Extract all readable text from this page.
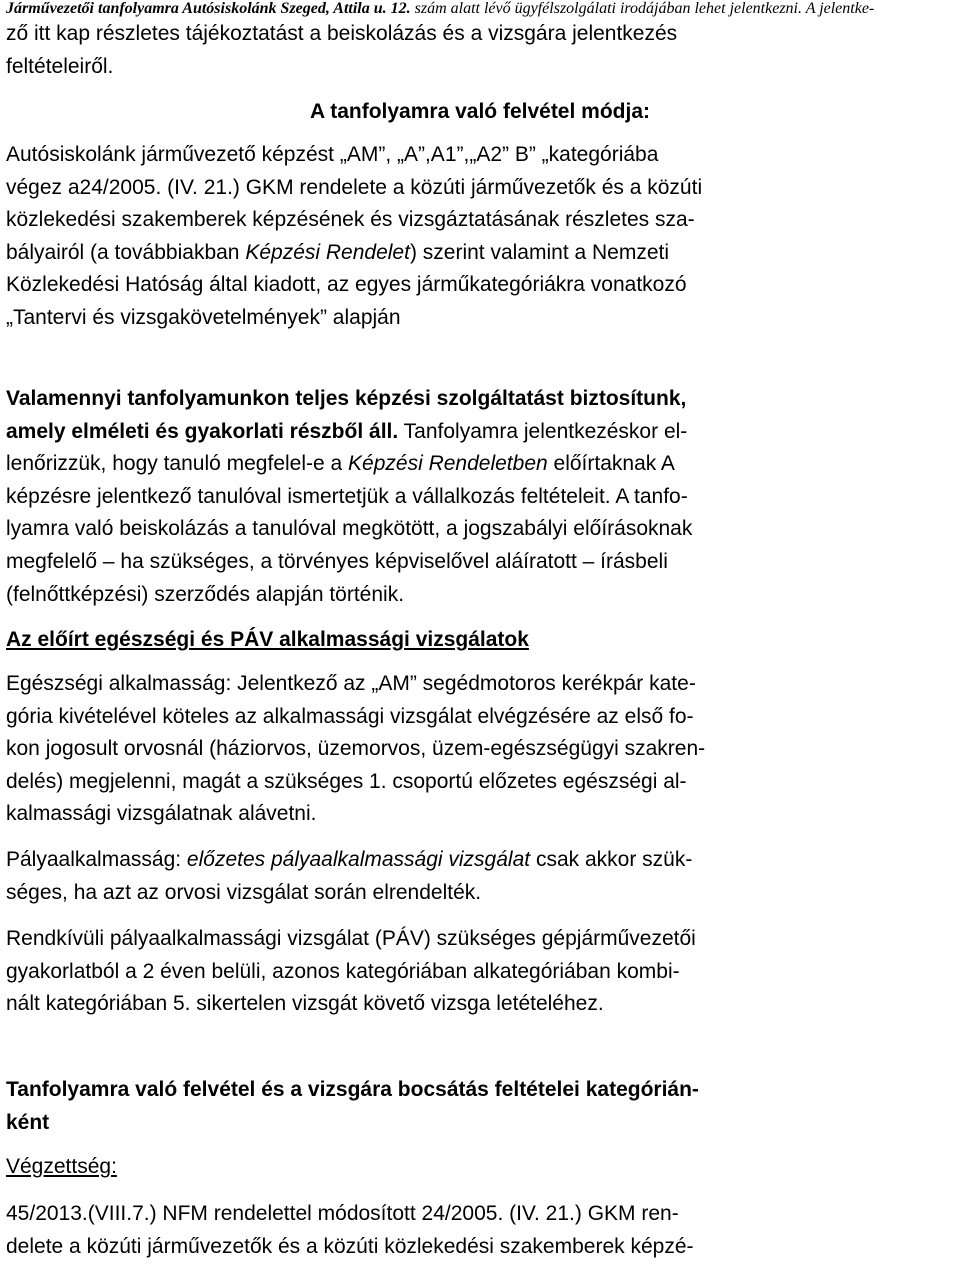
Járművezetői tanfolyamra Autósiskolánk Szeged, Attila u. 12. szám alatt lévő ügyfélszolgálati irodájában lehet jelentkezni. A jelentke-
ző itt kap részletes tájékoztatást a beiskolázás és a vizsgára jelentkezés
feltételeiről.
A tanfolyamra való felvétel módja:
Autósiskolánk járművezető képzést „AM”, „A”,A1”,„A2” B” „kategóriába
végez a24/2005. (IV. 21.) GKM rendelete a közúti járművezetők és a közúti
közlekedési szakemberek képzésének és vizsgáztatásának részletes sza-
bályairól (a továbbiakban Képzési Rendelet) szerint valamint a Nemzeti
Közlekedési Hatóság által kiadott, az egyes járműkategóriákra vonatkozó
„Tantervi és vizsgakövetelmények” alapján
Valamennyi tanfolyamunkon teljes képzési szolgáltatást biztosítunk,
amely elméleti és gyakorlati részből áll. Tanfolyamra jelentkezéskor el-
lenőrizzük, hogy tanuló megfelel-e a Képzési Rendeletben előírtaknak A
képzésre jelentkező tanulóval ismertetjük a vállalkozás feltételeit. A tanfo-
lyamra való beiskolázás a tanulóval megkötött, a jogszabályi előírásoknak
megfelelő – ha szükséges, a törvényes képviselővel aláíratott – írásbeli
(felnőttképzési) szerződés alapján történik.
Az előírt egészségi és PÁV alkalmassági vizsgálatok
Egészségi alkalmasság: Jelentkező az „AM” segédmotoros kerékpár kate-
gória kivételével köteles az alkalmassági vizsgálat elvégzésére az első fo-
kon jogosult orvosnál (háziorvos, üzemorvos, üzem-egészségügyi szakren-
delés) megjelenni, magát a szükséges 1. csoportú előzetes egészségi al-
kalmassági vizsgálatnak alávetni.
Pályaalkalmasság: előzetes pályaalkalmassági vizsgálat csak akkor szük-
séges, ha azt az orvosi vizsgálat során elrendelték.
Rendkívüli pályaalkalmassági vizsgálat (PÁV) szükséges gépjárművezetői
gyakorlatból a 2 éven belüli, azonos kategóriában alkategóriában kombi-
nált kategóriában 5. sikertelen vizsgát követő vizsga letételéhez.
Tanfolyamra való felvétel és a vizsgára bocsátás feltételei kategórián-
ként
Végzettség:
45/2013.(VIII.7.) NFM rendelettel módosított 24/2005. (IV. 21.) GKM ren-
delete a közúti járművezetők és a közúti közlekedési szakemberek képzé-
